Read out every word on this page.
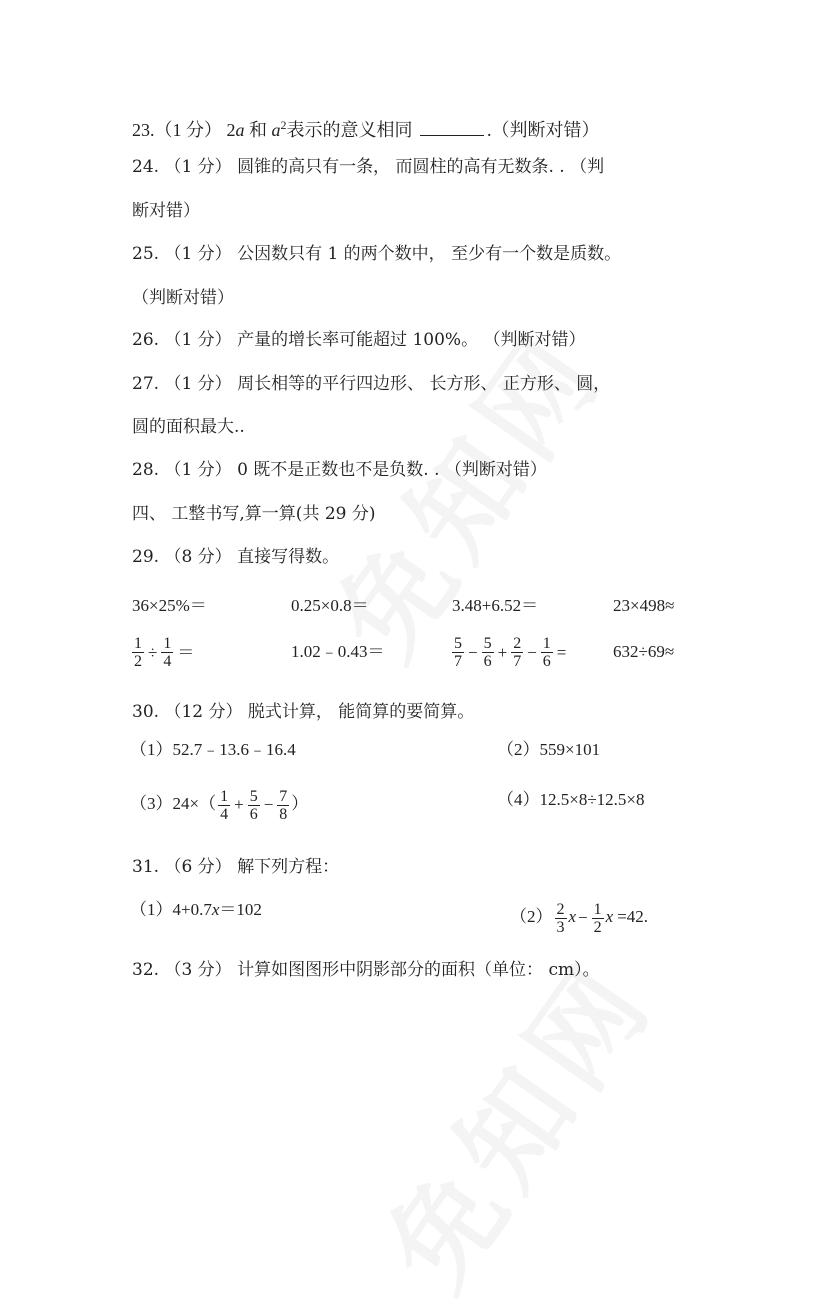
23.（1 分） 2a 和 $a^2$表示的意义相同	.（判断对错）
24. （1 分） 圆锥的高只有一条， 而圆柱的高有无数条. . （判
断对错）
25. （1 分） 公因数只有 1 的两个数中， 至少有一个数是质数。
（判断对错）
26. （1 分） 产量的增长率可能超过 100%。 （判断对错）
27. （1 分） 周长相等的平行四边形、 长方形、 正方形、 圆，
圆的面积最大..
28. （1 分） 0 既不是正数也不是负数. . （判断对错）
四、 工整书写,算一算(共 29 分)
29. （8 分） 直接写得数。
36×25%＝	0.25×0.8＝	3.48+6.52＝	23×498≈
$\frac{1}{2} \div \frac{1}{4}$ ＝	1.02﹣0.43＝	$\frac{5}{7} - \frac{5}{6} + \frac{2}{7} - \frac{1}{6}$ =	632÷69≈
30. （12 分） 脱式计算， 能简算的要简算。
（1）52.7﹣13.6﹣16.4	（2）559×101
$(3)24\times( \frac{1}{4} + \frac{5}{6} - \frac{7}{8}$ ）	（4）12.5×8÷12.5×8
31. （6 分） 解下列方程：
（1）4+0.7x＝102	$(2) \frac{2}{3}$ $x - \frac{1}{2}$ x =42.
32. （3 分） 计算如图图形中阴影部分的面积（单位： cm）。
